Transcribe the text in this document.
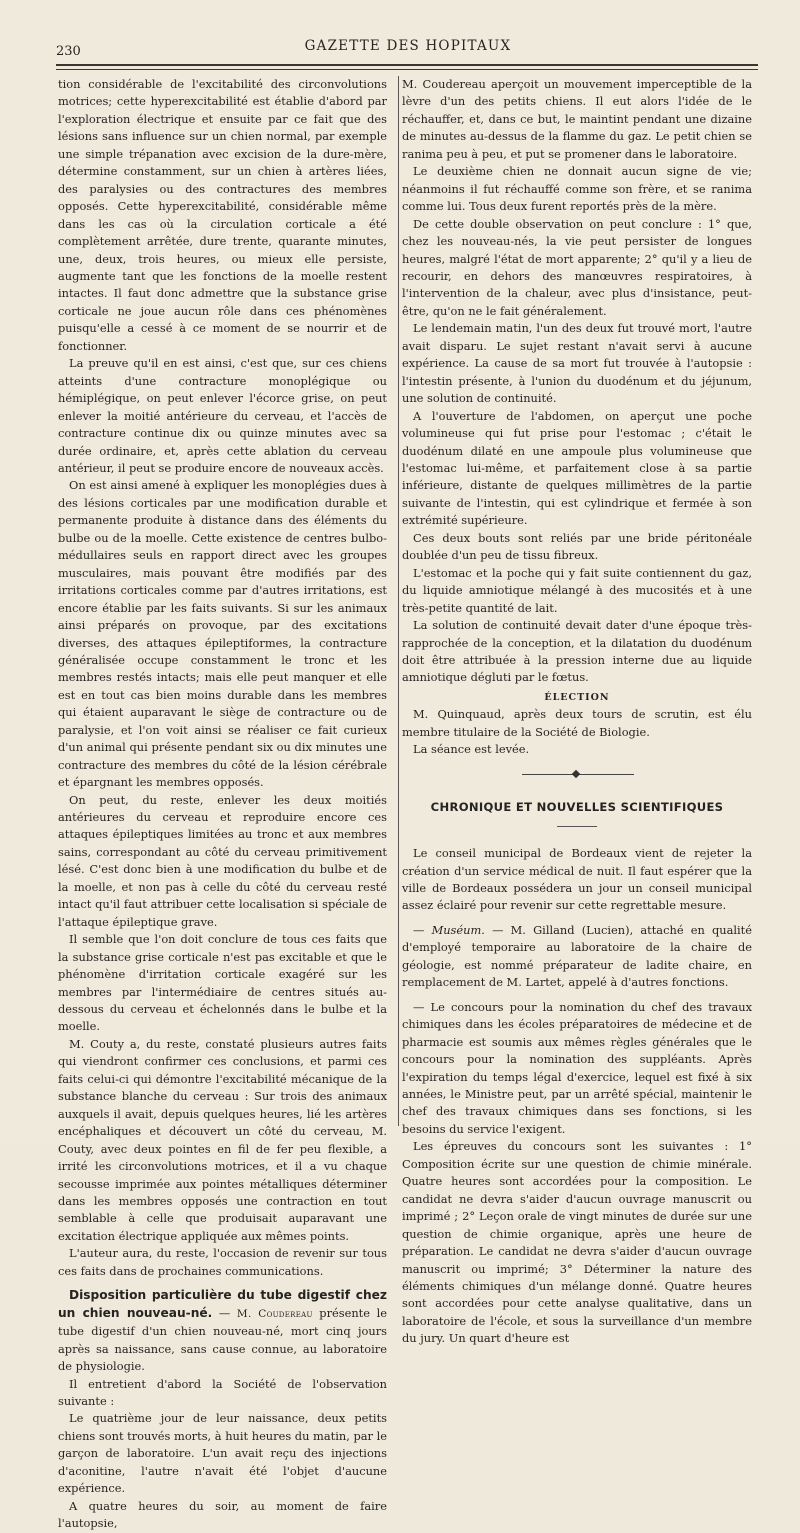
230	GAZETTE DES HOPITAUX

tion considérable de l'excitabilité des circonvolutions motrices; cette hyperexcitabilité est établie d'abord par l'exploration électrique et ensuite par ce fait que des lésions sans influence sur un chien normal, par exemple une simple trépanation avec excision de la dure-mère, détermine constamment, sur un chien à artères liées, des paralysies ou des contractures des membres opposés. Cette hyperexcitabilité, considérable même dans les cas où la circulation corticale a été complètement arrêtée, dure trente, quarante minutes, une, deux, trois heures, ou mieux elle persiste, augmente tant que les fonctions de la moelle restent intactes. Il faut donc admettre que la substance grise corticale ne joue aucun rôle dans ces phénomènes puisqu'elle a cessé à ce moment de se nourrir et de fonctionner.

La preuve qu'il en est ainsi, c'est que, sur ces chiens atteints d'une contracture monoplégique ou hémiplégique, on peut enlever l'écorce grise, on peut enlever la moitié antérieure du cerveau, et l'accès de contracture continue dix ou quinze minutes avec sa durée ordinaire, et, après cette ablation du cerveau antérieur, il peut se produire encore de nouveaux accès.

On est ainsi amené à expliquer les monoplégies dues à des lésions corticales par une modification durable et permanente produite à distance dans des éléments du bulbe ou de la moelle. Cette existence de centres bulbo-médullaires seuls en rapport direct avec les groupes musculaires, mais pouvant être modifiés par des irritations corticales comme par d'autres irritations, est encore établie par les faits suivants. Si sur les animaux ainsi préparés on provoque, par des excitations diverses, des attaques épileptiformes, la contracture généralisée occupe constamment le tronc et les membres restés intacts; mais elle peut manquer et elle est en tout cas bien moins durable dans les membres qui étaient auparavant le siège de contracture ou de paralysie, et l'on voit ainsi se réaliser ce fait curieux d'un animal qui présente pendant six ou dix minutes une contracture des membres du côté de la lésion cérébrale et épargnant les membres opposés.

On peut, du reste, enlever les deux moitiés antérieures du cerveau et reproduire encore ces attaques épileptiques limitées au tronc et aux membres sains, correspondant au côté du cerveau primitivement lésé. C'est donc bien à une modification du bulbe et de la moelle, et non pas à celle du côté du cerveau resté intact qu'il faut attribuer cette localisation si spéciale de l'attaque épileptique grave.

Il semble que l'on doit conclure de tous ces faits que la substance grise corticale n'est pas excitable et que le phénomène d'irritation corticale exagéré sur les membres par l'intermédiaire de centres situés au-dessous du cerveau et échelonnés dans le bulbe et la moelle.

M. Couty a, du reste, constaté plusieurs autres faits qui viendront confirmer ces conclusions, et parmi ces faits celui-ci qui démontre l'excitabilité mécanique de la substance blanche du cerveau : Sur trois des animaux auxquels il avait, depuis quelques heures, lié les artères encéphaliques et découvert un côté du cerveau, M. Couty, avec deux pointes en fil de fer peu flexible, a irrité les circonvolutions motrices, et il a vu chaque secousse imprimée aux pointes métalliques déterminer dans les membres opposés une contraction en tout semblable à celle que produisait auparavant une excitation électrique appliquée aux mêmes points.

L'auteur aura, du reste, l'occasion de revenir sur tous ces faits dans de prochaines communications.

Disposition particulière du tube digestif chez un chien nouveau-né. — M. Coudereau présente le tube digestif d'un chien nouveau-né, mort cinq jours après sa naissance, sans cause connue, au laboratoire de physiologie.

Il entretient d'abord la Société de l'observation suivante :

Le quatrième jour de leur naissance, deux petits chiens sont trouvés morts, à huit heures du matin, par le garçon de laboratoire. L'un avait reçu des injections d'aconitine, l'autre n'avait été l'objet d'aucune expérience.

A quatre heures du soir, au moment de faire l'autopsie,

M. Coudereau aperçoit un mouvement imperceptible de la lèvre d'un des petits chiens. Il eut alors l'idée de le réchauffer, et, dans ce but, le maintint pendant une dizaine de minutes au-dessus de la flamme du gaz. Le petit chien se ranima peu à peu, et put se promener dans le laboratoire.

Le deuxième chien ne donnait aucun signe de vie; néanmoins il fut réchauffé comme son frère, et se ranima comme lui. Tous deux furent reportés près de la mère.

De cette double observation on peut conclure : 1° que, chez les nouveau-nés, la vie peut persister de longues heures, malgré l'état de mort apparente; 2° qu'il y a lieu de recourir, en dehors des manœuvres respiratoires, à l'intervention de la chaleur, avec plus d'insistance, peut-être, qu'on ne le fait généralement.

Le lendemain matin, l'un des deux fut trouvé mort, l'autre avait disparu. Le sujet restant n'avait servi à aucune expérience. La cause de sa mort fut trouvée à l'autopsie : l'intestin présente, à l'union du duodénum et du jéjunum, une solution de continuité.

A l'ouverture de l'abdomen, on aperçut une poche volumineuse qui fut prise pour l'estomac ; c'était le duodénum dilaté en une ampoule plus volumineuse que l'estomac lui-même, et parfaitement close à sa partie inférieure, distante de quelques millimètres de la partie suivante de l'intestin, qui est cylindrique et fermée à son extrémité supérieure.

Ces deux bouts sont reliés par une bride péritonéale doublée d'un peu de tissu fibreux.

L'estomac et la poche qui y fait suite contiennent du gaz, du liquide amniotique mélangé à des mucosités et à une très-petite quantité de lait.

La solution de continuité devait dater d'une époque très-rapprochée de la conception, et la dilatation du duodénum doit être attribuée à la pression interne due au liquide amniotique dégluti par le fœtus.

ÉLECTION

M. Quinquaud, après deux tours de scrutin, est élu membre titulaire de la Société de Biologie.

La séance est levée.

CHRONIQUE ET NOUVELLES SCIENTIFIQUES

Le conseil municipal de Bordeaux vient de rejeter la création d'un service médical de nuit. Il faut espérer que la ville de Bordeaux possédera un jour un conseil municipal assez éclairé pour revenir sur cette regrettable mesure.

— Muséum. — M. Gilland (Lucien), attaché en qualité d'employé temporaire au laboratoire de la chaire de géologie, est nommé préparateur de ladite chaire, en remplacement de M. Lartet, appelé à d'autres fonctions.

— Le concours pour la nomination du chef des travaux chimiques dans les écoles préparatoires de médecine et de pharmacie est soumis aux mêmes règles générales que le concours pour la nomination des suppléants. Après l'expiration du temps légal d'exercice, lequel est fixé à six années, le Ministre peut, par un arrêté spécial, maintenir le chef des travaux chimiques dans ses fonctions, si les besoins du service l'exigent.

Les épreuves du concours sont les suivantes : 1° Composition écrite sur une question de chimie minérale. Quatre heures sont accordées pour la composition. Le candidat ne devra s'aider d'aucun ouvrage manuscrit ou imprimé ; 2° Leçon orale de vingt minutes de durée sur une question de chimie organique, après une heure de préparation. Le candidat ne devra s'aider d'aucun ouvrage manuscrit ou imprimé; 3° Déterminer la nature des éléments chimiques d'un mélange donné. Quatre heures sont accordées pour cette analyse qualitative, dans un laboratoire de l'école, et sous la surveillance d'un membre du jury. Un quart d'heure est
